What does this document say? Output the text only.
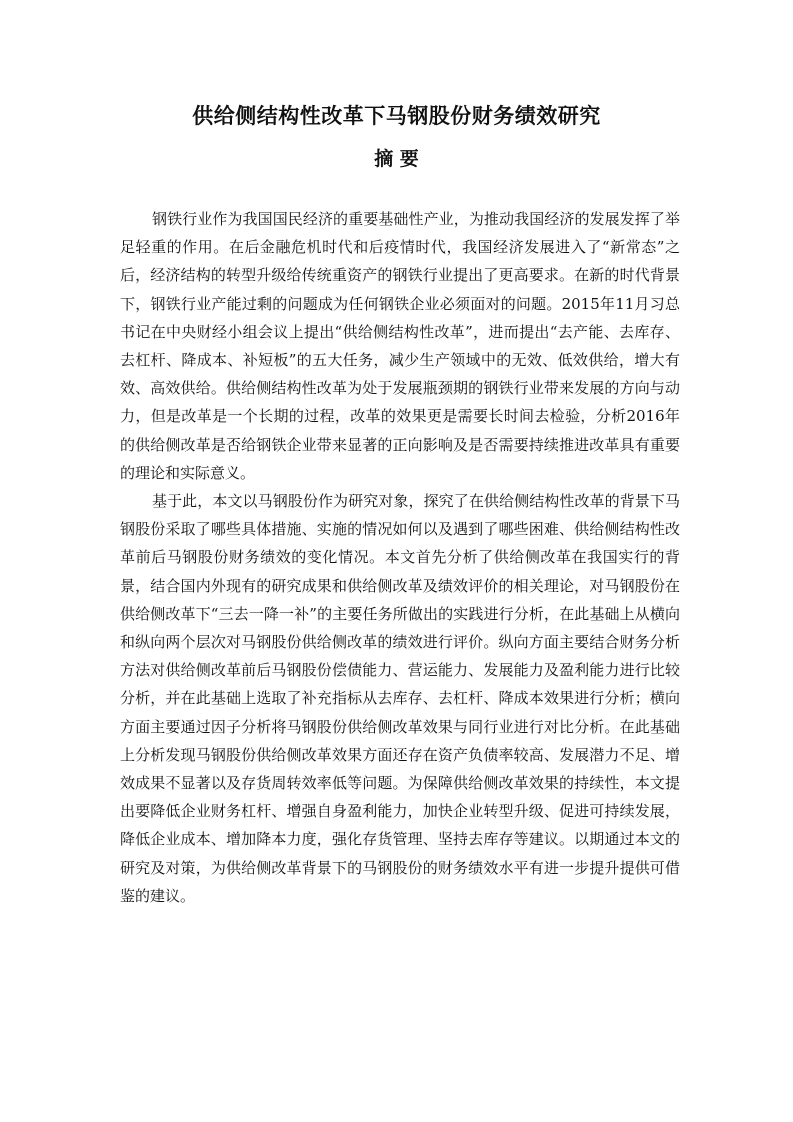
供给侧结构性改革下马钢股份财务绩效研究
摘 要

钢铁行业作为我国国民经济的重要基础性产业，为推动我国经济的发展发挥了举足轻重的作用。在后金融危机时代和后疫情时代，我国经济发展进入了“新常态”之后，经济结构的转型升级给传统重资产的钢铁行业提出了更高要求。在新的时代背景下，钢铁行业产能过剩的问题成为任何钢铁企业必须面对的问题。2015年11月习总书记在中央财经小组会议上提出“供给侧结构性改革”，进而提出“去产能、去库存、去杠杆、降成本、补短板”的五大任务，减少生产领域中的无效、低效供给，增大有效、高效供给。供给侧结构性改革为处于发展瓶颈期的钢铁行业带来发展的方向与动力，但是改革是一个长期的过程，改革的效果更是需要长时间去检验，分析2016年的供给侧改革是否给钢铁企业带来显著的正向影响及是否需要持续推进改革具有重要的理论和实际意义。

基于此，本文以马钢股份作为研究对象，探究了在供给侧结构性改革的背景下马钢股份采取了哪些具体措施、实施的情况如何以及遇到了哪些困难、供给侧结构性改革前后马钢股份财务绩效的变化情况。本文首先分析了供给侧改革在我国实行的背景，结合国内外现有的研究成果和供给侧改革及绩效评价的相关理论，对马钢股份在供给侧改革下“三去一降一补”的主要任务所做出的实践进行分析，在此基础上从横向和纵向两个层次对马钢股份供给侧改革的绩效进行评价。纵向方面主要结合财务分析方法对供给侧改革前后马钢股份偿债能力、营运能力、发展能力及盈利能力进行比较分析，并在此基础上选取了补充指标从去库存、去杠杆、降成本效果进行分析；横向方面主要通过因子分析将马钢股份供给侧改革效果与同行业进行对比分析。在此基础上分析发现马钢股份供给侧改革效果方面还存在资产负债率较高、发展潜力不足、增效成果不显著以及存货周转效率低等问题。为保障供给侧改革效果的持续性，本文提出要降低企业财务杠杆、增强自身盈利能力，加快企业转型升级、促进可持续发展，降低企业成本、增加降本力度，强化存货管理、坚持去库存等建议。以期通过本文的研究及对策，为供给侧改革背景下的马钢股份的财务绩效水平有进一步提升提供可借鉴的建议。
